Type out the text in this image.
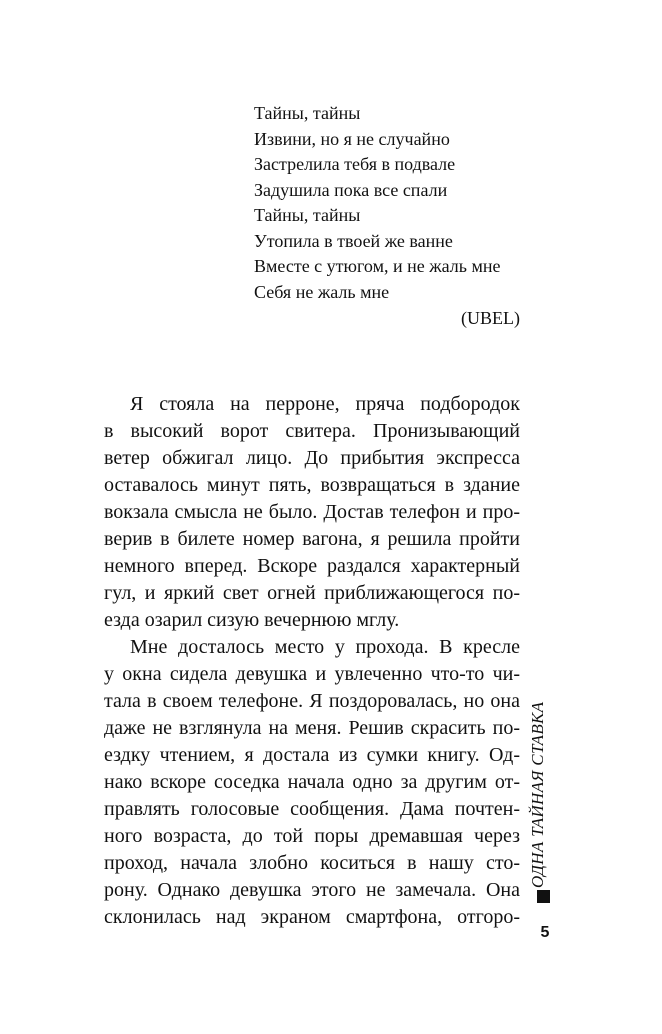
Тайны, тайны
Извини, но я не случайно
Застрелила тебя в подвале
Задушила пока все спали
Тайны, тайны
Утопила в твоей же ванне
Вместе с утюгом, и не жаль мне
Себя не жаль мне
(UBEL)
Я стояла на перроне, пряча подбородок
в высокий ворот свитера. Пронизывающий
ветер обжигал лицо. До прибытия экспресса
оставалось минут пять, возвращаться в здание
вокзала смысла не было. Достав телефон и про-
верив в билете номер вагона, я решила пройти
немного вперед. Вскоре раздался характерный
гул, и яркий свет огней приближающегося по-
езда озарил сизую вечернюю мглу.
Мне досталось место у прохода. В кресле
у окна сидела девушка и увлеченно что-то чи-
тала в своем телефоне. Я поздоровалась, но она
даже не взглянула на меня. Решив скрасить по-
ездку чтением, я достала из сумки книгу. Од-
нако вскоре соседка начала одно за другим от-
правлять голосовые сообщения. Дама почтен-
ного возраста, до той поры дремавшая через
проход, начала злобно коситься в нашу сто-
рону. Однако девушка этого не замечала. Она
склонилась над экраном смартфона, отгоро-
ОДНА ТАЙНАЯ СТАВКА
5
